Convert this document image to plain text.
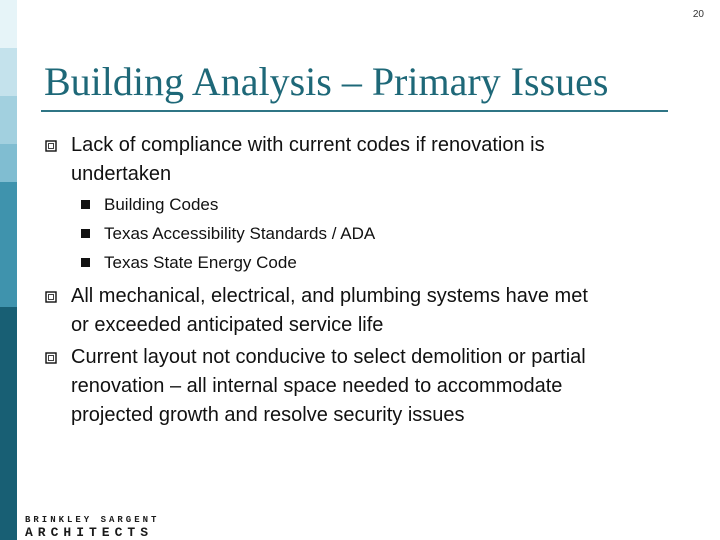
20
Building Analysis – Primary Issues
Lack of compliance with current codes if renovation is
undertaken
Building Codes
Texas Accessibility Standards / ADA
Texas State Energy Code
All mechanical, electrical, and plumbing systems have met
or exceeded anticipated service life
Current layout not conducive to select demolition or partial
renovation – all internal space needed to accommodate
projected growth and resolve security issues
BRINKLEY SARGENT
ARCHITECTS
